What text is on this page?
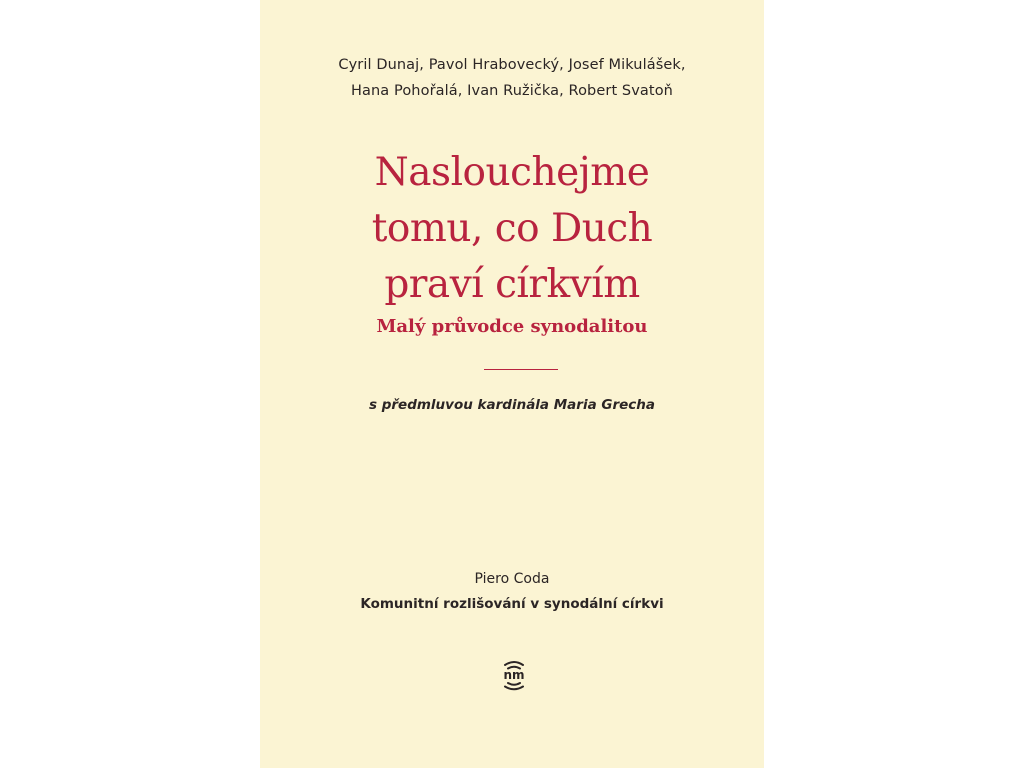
Cyril Dunaj, Pavol Hrabovecký, Josef Mikulášek,
Hana Pohořalá, Ivan Ružička, Robert Svatoň
Naslouchejme
tomu, co Duch
praví církvím
Malý průvodce synodalitou
s předmluvou kardinála Maria Grecha
Piero Coda
Komunitní rozlišování v synodální církvi
nm
